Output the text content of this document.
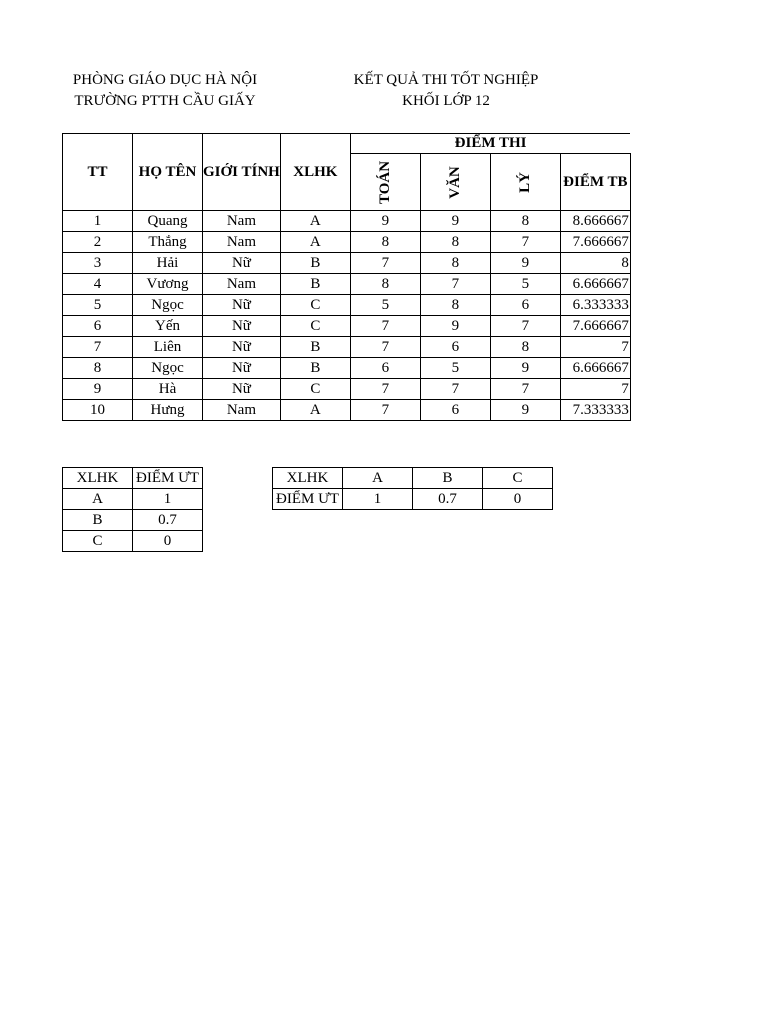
PHÒNG GIÁO DỤC HÀ NỘI
TRƯỜNG PTTH CẦU GIẤY
KẾT QUẢ THI TỐT NGHIỆP
KHỐI LỚP 12
TT	HỌ TÊN	GIỚI TÍNH	XLHK	ĐIỂM THI			
				TOÁN	VĂN	LÝ	ĐIỂM TB
1	Quang	Nam	A	9	9	8	8.666667
2	Thắng	Nam	A	8	8	7	7.666667
3	Hải	Nữ	B	7	8	9	8
4	Vương	Nam	B	8	7	5	6.666667
5	Ngọc	Nữ	C	5	8	6	6.333333
6	Yến	Nữ	C	7	9	7	7.666667
7	Liên	Nữ	B	7	6	8	7
8	Ngọc	Nữ	B	6	5	9	6.666667
9	Hà	Nữ	C	7	7	7	7
10	Hưng	Nam	A	7	6	9	7.333333
XLHK	ĐIỂM ƯT
A	1
B	0.7
C	0
XLHK	A	B	C
ĐIỂM ƯT	1	0.7	0
